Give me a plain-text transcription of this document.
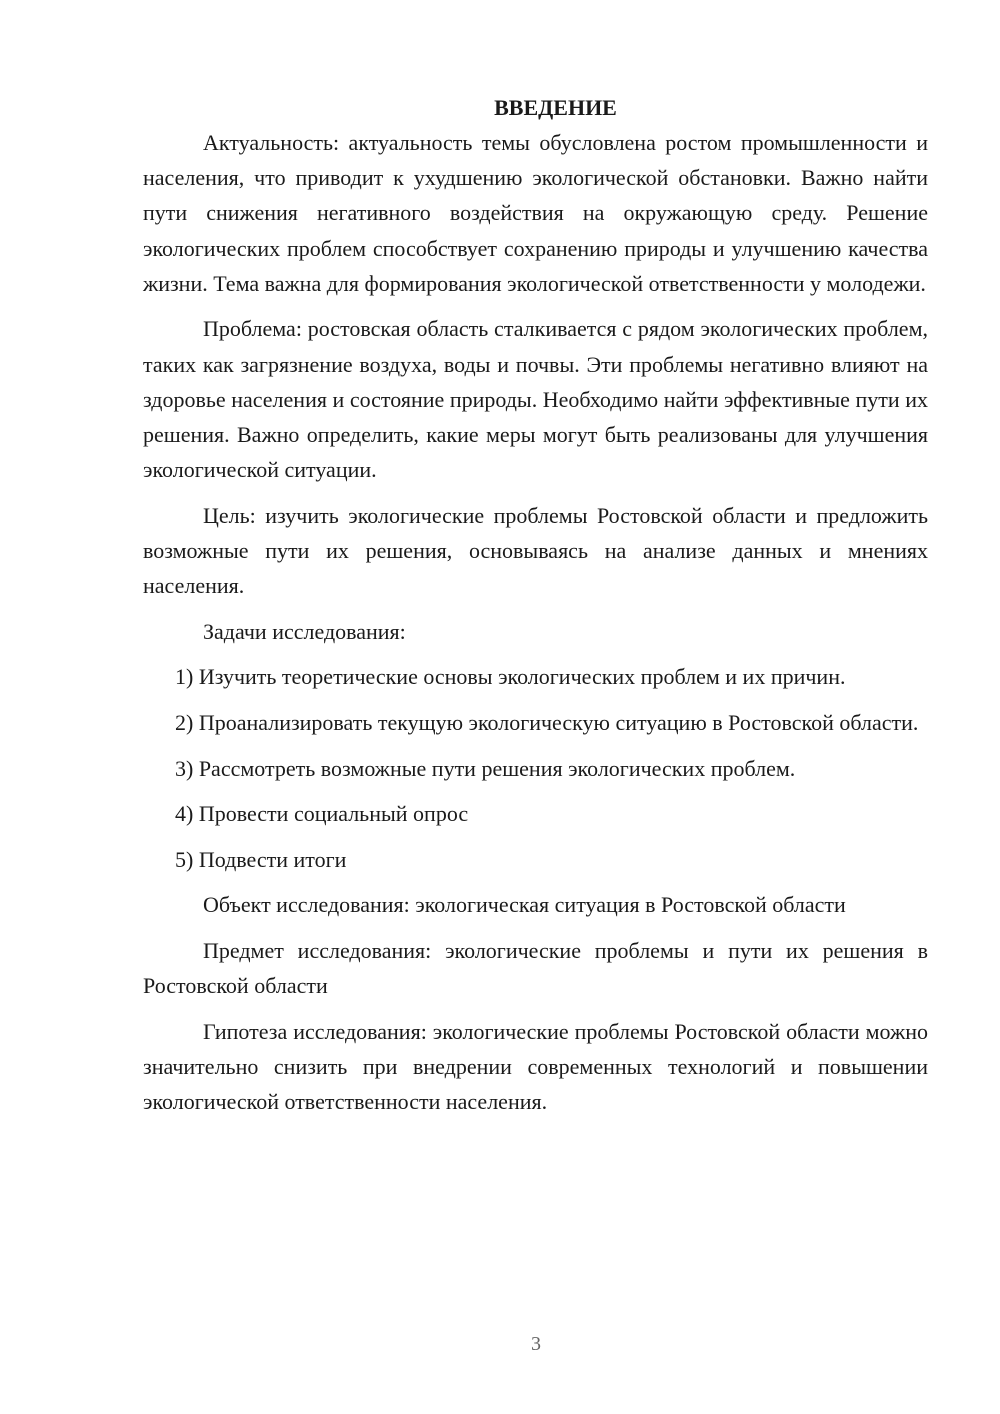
ВВЕДЕНИЕ

Актуальность: актуальность темы обусловлена ростом промышленности и населения, что приводит к ухудшению экологической обстановки. Важно найти пути снижения негативного воздействия на окружающую среду. Решение экологических проблем способствует сохранению природы и улучшению качества жизни. Тема важна для формирования экологической ответственности у молодежи.

Проблема: ростовская область сталкивается с рядом экологических проблем, таких как загрязнение воздуха, воды и почвы. Эти проблемы негативно влияют на здоровье населения и состояние природы. Необходимо найти эффективные пути их решения. Важно определить, какие меры могут быть реализованы для улучшения экологической ситуации.

Цель: изучить экологические проблемы Ростовской области и предложить возможные пути их решения, основываясь на анализе данных и мнениях населения.

Задачи исследования:

1) Изучить теоретические основы экологических проблем и их причин.

2) Проанализировать текущую экологическую ситуацию в Ростовской области.

3) Рассмотреть возможные пути решения экологических проблем.

4) Провести социальный опрос

5) Подвести итоги

Объект исследования: экологическая ситуация в Ростовской области

Предмет исследования: экологические проблемы и пути их решения в Ростовской области

Гипотеза исследования: экологические проблемы Ростовской области можно значительно снизить при внедрении современных технологий и повышении экологической ответственности населения.

3
